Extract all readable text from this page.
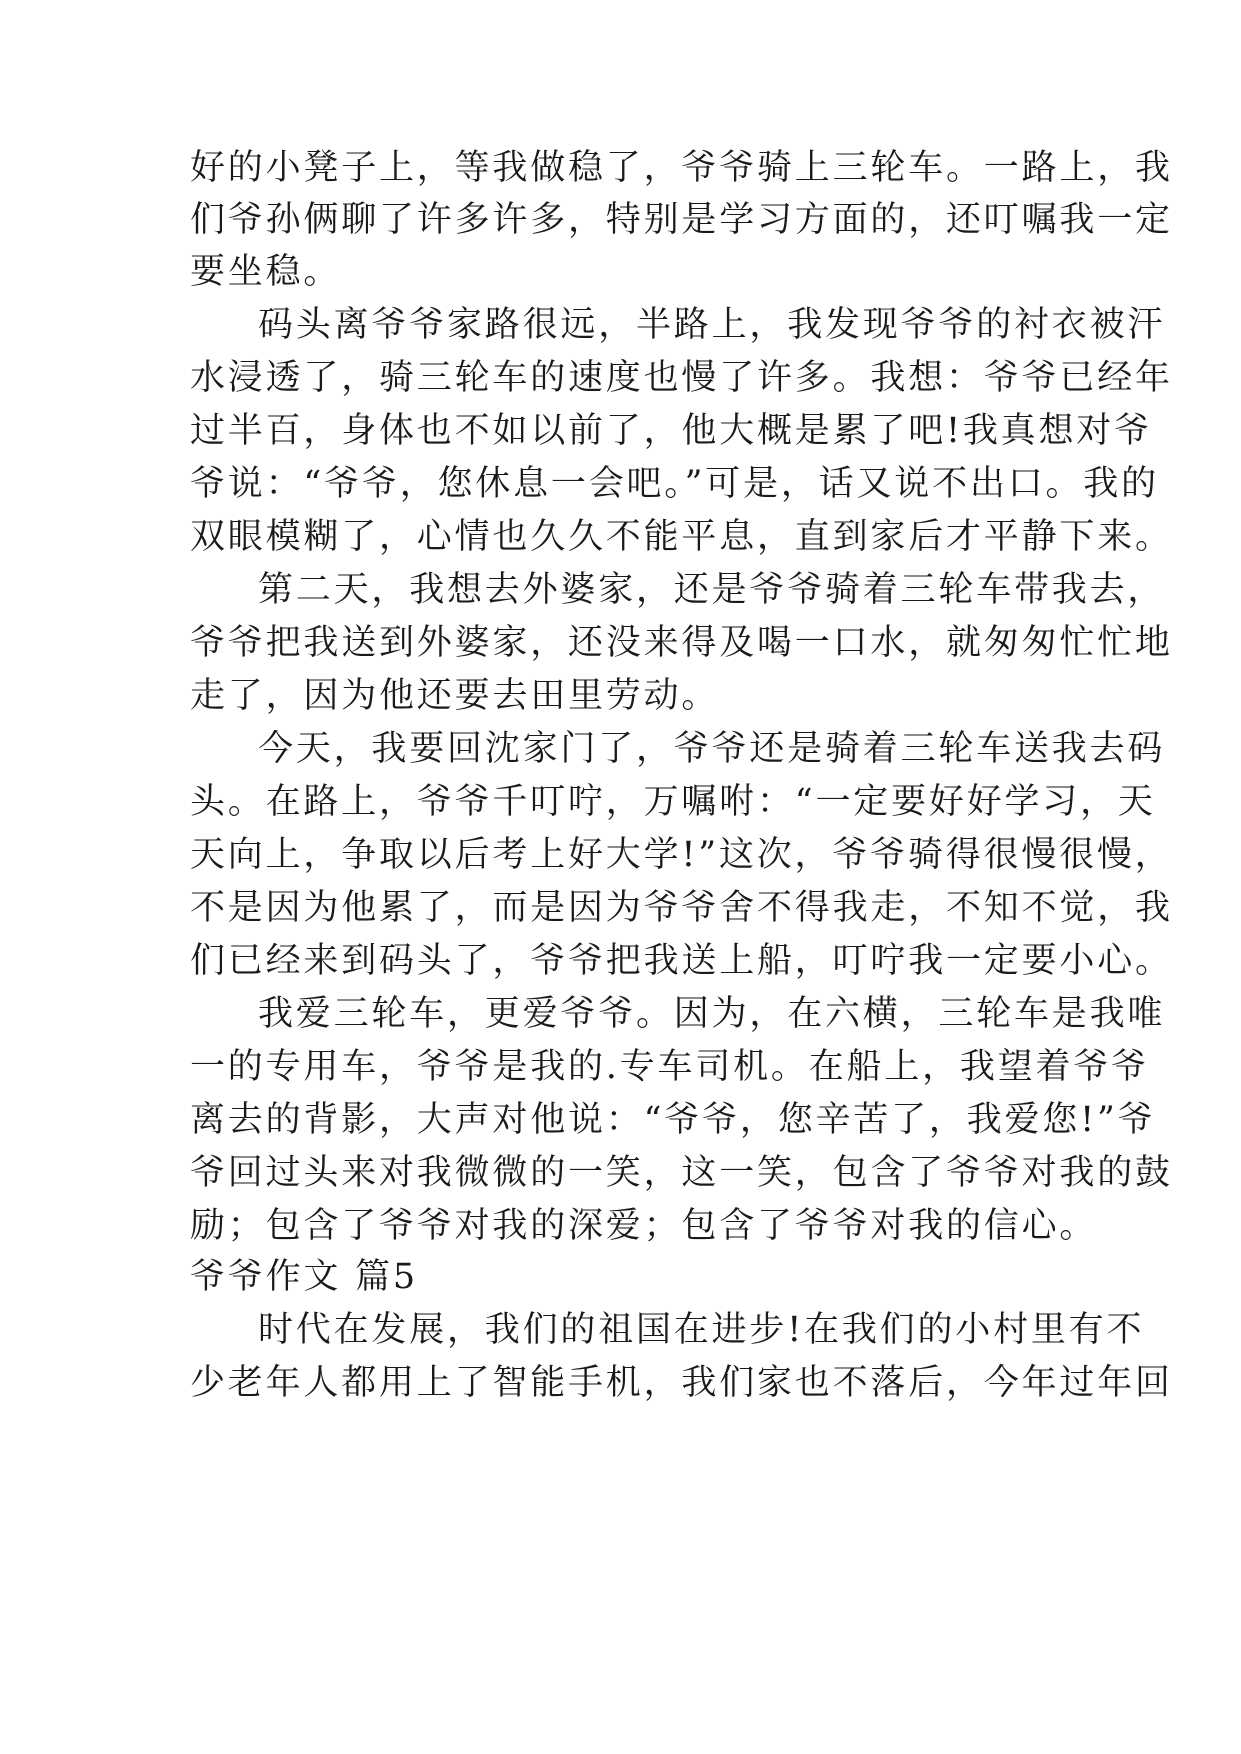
好的小凳子上，等我做稳了，爷爷骑上三轮车。一路上，我
们爷孙俩聊了许多许多，特别是学习方面的，还叮嘱我一定
要坐稳。
码头离爷爷家路很远，半路上，我发现爷爷的衬衣被汗
水浸透了，骑三轮车的速度也慢了许多。我想：爷爷已经年
过半百，身体也不如以前了，他大概是累了吧!我真想对爷
爷说：“爷爷，您休息一会吧。”可是，话又说不出口。我的
双眼模糊了，心情也久久不能平息，直到家后才平静下来。
第二天，我想去外婆家，还是爷爷骑着三轮车带我去，
爷爷把我送到外婆家，还没来得及喝一口水，就匆匆忙忙地
走了，因为他还要去田里劳动。
今天，我要回沈家门了，爷爷还是骑着三轮车送我去码
头。在路上，爷爷千叮咛，万嘱咐：“一定要好好学习，天
天向上，争取以后考上好大学!”这次，爷爷骑得很慢很慢，
不是因为他累了，而是因为爷爷舍不得我走，不知不觉，我
们已经来到码头了，爷爷把我送上船，叮咛我一定要小心。
我爱三轮车，更爱爷爷。因为，在六横，三轮车是我唯
一的专用车，爷爷是我的.专车司机。在船上，我望着爷爷
离去的背影，大声对他说：“爷爷，您辛苦了，我爱您!”爷
爷回过头来对我微微的一笑，这一笑，包含了爷爷对我的鼓
励；包含了爷爷对我的深爱；包含了爷爷对我的信心。
爷爷作文 篇5
时代在发展，我们的祖国在进步!在我们的小村里有不
少老年人都用上了智能手机，我们家也不落后，今年过年回
